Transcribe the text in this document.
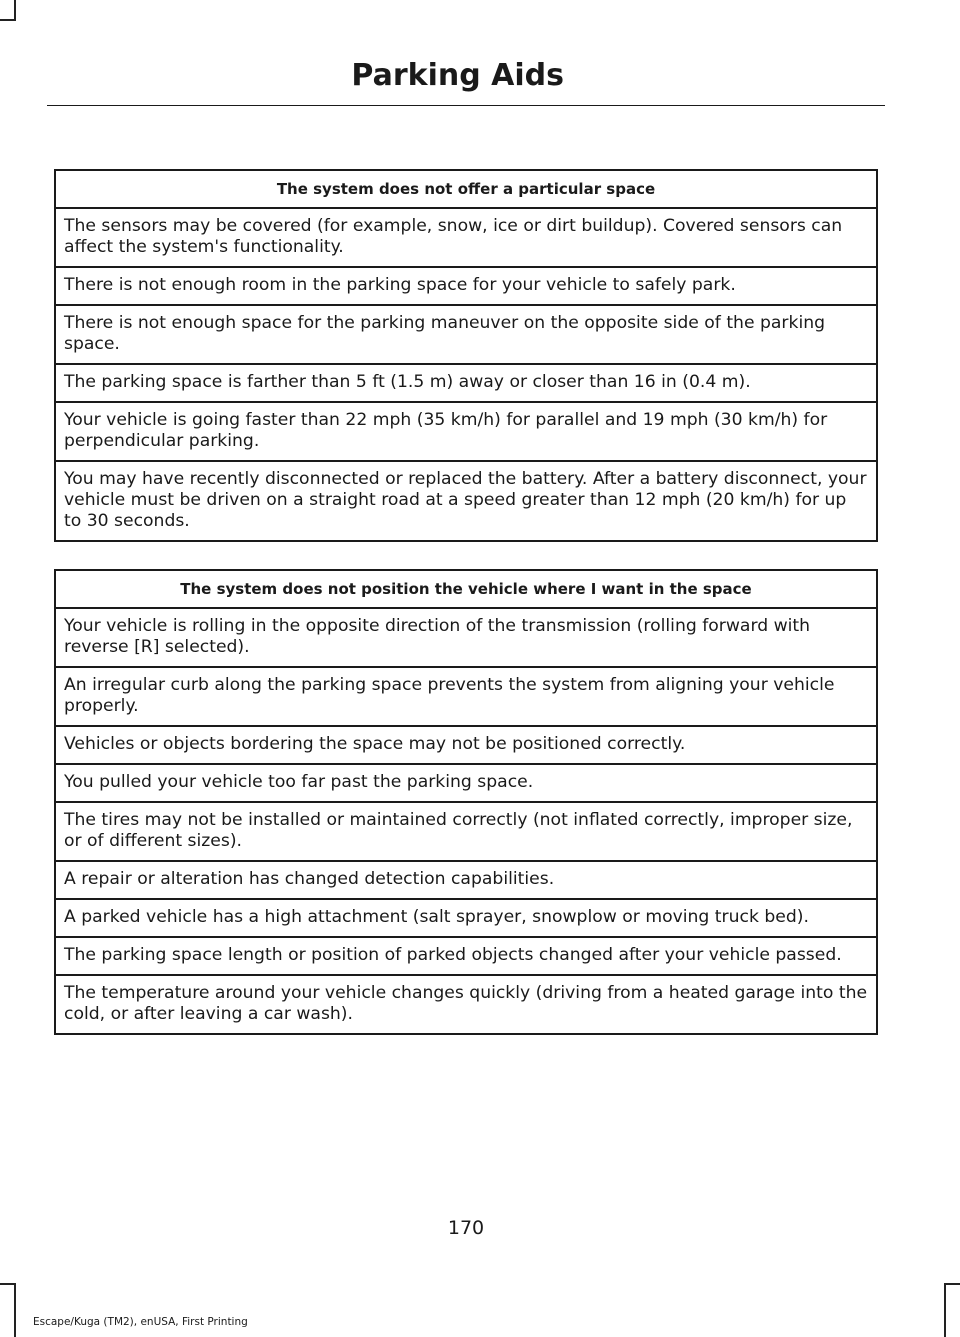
Parking Aids
The system does not offer a particular space
The sensors may be covered (for example, snow, ice or dirt buildup). Covered sensors can affect the system's functionality.
There is not enough room in the parking space for your vehicle to safely park.
There is not enough space for the parking maneuver on the opposite side of the parking space.
The parking space is farther than 5 ft (1.5 m) away or closer than 16 in (0.4 m).
Your vehicle is going faster than 22 mph (35 km/h) for parallel and 19 mph (30 km/h) for perpendicular parking.
You may have recently disconnected or replaced the battery. After a battery disconnect, your vehicle must be driven on a straight road at a speed greater than 12 mph (20 km/h) for up to 30 seconds.
The system does not position the vehicle where I want in the space
Your vehicle is rolling in the opposite direction of the transmission (rolling forward with reverse [R] selected).
An irregular curb along the parking space prevents the system from aligning your vehicle properly.
Vehicles or objects bordering the space may not be positioned correctly.
You pulled your vehicle too far past the parking space.
The tires may not be installed or maintained correctly (not inflated correctly, improper size, or of different sizes).
A repair or alteration has changed detection capabilities.
A parked vehicle has a high attachment (salt sprayer, snowplow or moving truck bed).
The parking space length or position of parked objects changed after your vehicle passed.
The temperature around your vehicle changes quickly (driving from a heated garage into the cold, or after leaving a car wash).

170

Escape/Kuga (TM2), enUSA, First Printing
